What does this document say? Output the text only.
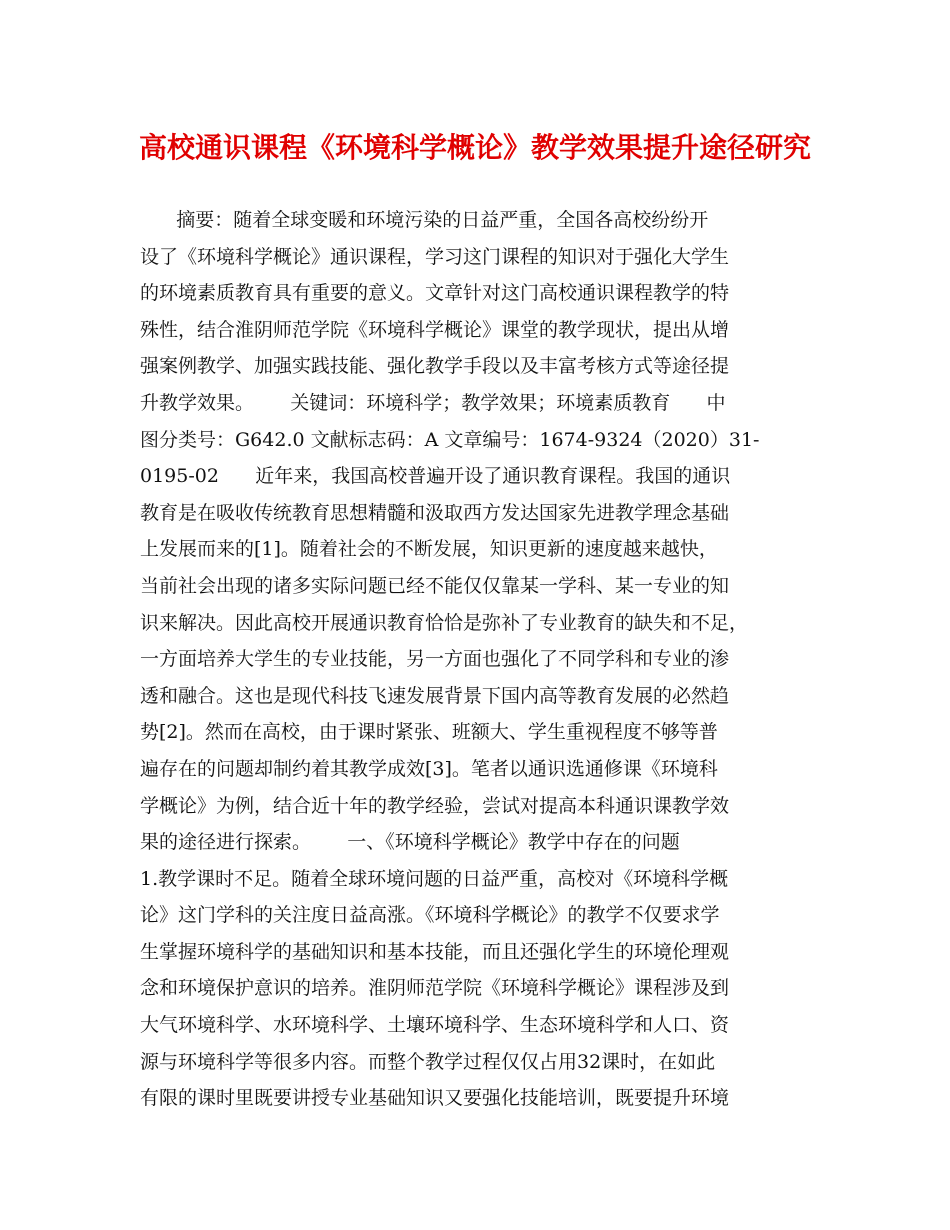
高校通识课程《环境科学概论》教学效果提升途径研究
摘要：随着全球变暖和环境污染的日益严重，全国各高校纷纷开
设了《环境科学概论》通识课程，学习这门课程的知识对于强化大学生
的环境素质教育具有重要的意义。文章针对这门高校通识课程教学的特
殊性，结合淮阴师范学院《环境科学概论》课堂的教学现状，提出从增
强案例教学、加强实践技能、强化教学手段以及丰富考核方式等途径提
升教学效果。      关键词：环境科学；教学效果；环境素质教育      中
图分类号：G642.0 文献标志码：A 文章编号：1674-9324（2020）31-
0195-02      近年来，我国高校普遍开设了通识教育课程。我国的通识
教育是在吸收传统教育思想精髓和汲取西方发达国家先进教学理念基础
上发展而来的[1]。随着社会的不断发展，知识更新的速度越来越快，
当前社会出现的诸多实际问题已经不能仅仅靠某一学科、某一专业的知
识来解决。因此高校开展通识教育恰恰是弥补了专业教育的缺失和不足，
一方面培养大学生的专业技能，另一方面也强化了不同学科和专业的渗
透和融合。这也是现代科技飞速发展背景下国内高等教育发展的必然趋
势[2]。然而在高校，由于课时紧张、班额大、学生重视程度不够等普
遍存在的问题却制约着其教学成效[3]。笔者以通识选通修课《环境科
学概论》为例，结合近十年的教学经验，尝试对提高本科通识课教学效
果的途径进行探索。      一、《环境科学概论》教学中存在的问题
1.教学课时不足。随着全球环境问题的日益严重，高校对《环境科学概
论》这门学科的关注度日益高涨。《环境科学概论》的教学不仅要求学
生掌握环境科学的基础知识和基本技能，而且还强化学生的环境伦理观
念和环境保护意识的培养。淮阴师范学院《环境科学概论》课程涉及到
大气环境科学、水环境科学、土壤环境科学、生态环境科学和人口、资
源与环境科学等很多内容。而整个教学过程仅仅占用32课时，在如此
有限的课时里既要讲授专业基础知识又要强化技能培训，既要提升环境
